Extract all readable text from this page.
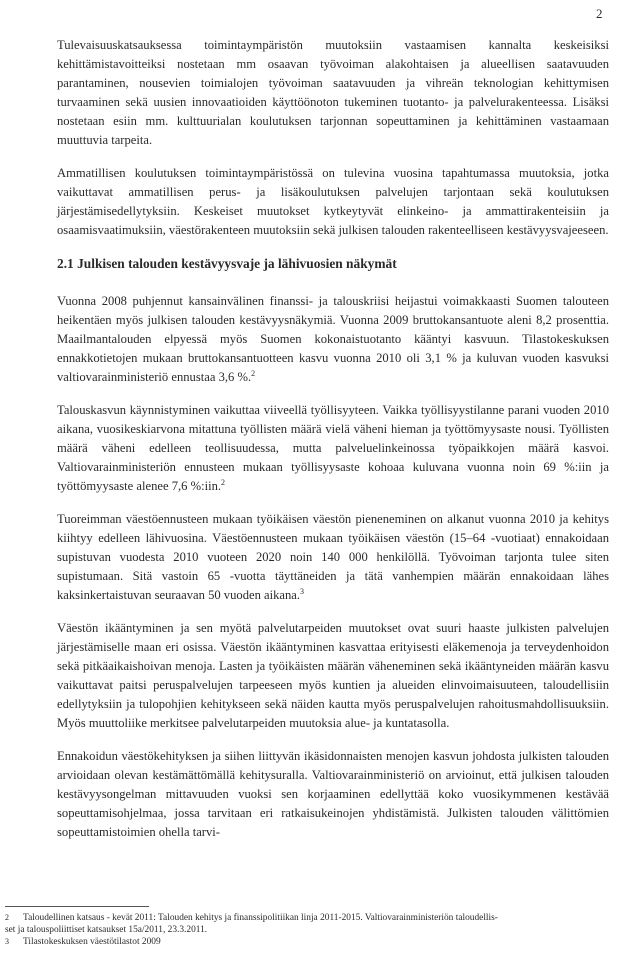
2

Tulevaisuuskatsauksessa toimintaympäristön muutoksiin vastaamisen kannalta keskeisiksi kehittämistavoitteiksi nostetaan mm osaavan työvoiman alakohtaisen ja alueellisen saatavuuden parantaminen, nousevien toimialojen työvoiman saatavuuden ja vihreän teknologian kehittymisen turvaaminen sekä uusien innovaatioiden käyttöönoton tukeminen tuotanto- ja palvelurakenteessa. Lisäksi nostetaan esiin mm. kulttuurialan koulutuksen tarjonnan sopeuttaminen ja kehittäminen vastaamaan muuttuvia tarpeita.

Ammatillisen koulutuksen toimintaympäristössä on tulevina vuosina tapahtumassa muutoksia, jotka vaikuttavat ammatillisen perus- ja lisäkoulutuksen palvelujen tarjontaan sekä koulutuksen järjestämisedellytyksiin. Keskeiset muutokset kytkeytyvät elinkeino- ja ammattirakenteisiin ja osaamisvaatimuksiin, väestörakenteen muutoksiin sekä julkisen talouden rakenteelliseen kestävyysvajeeseen.

2.1 Julkisen talouden kestävyysvaje ja lähivuosien näkymät

Vuonna 2008 puhjennut kansainvälinen finanssi- ja talouskriisi heijastui voimakkaasti Suomen talouteen heikentäen myös julkisen talouden kestävyysnäkymiä. Vuonna 2009 bruttokansantuote aleni 8,2 prosenttia. Maailmantalouden elpyessä myös Suomen kokonaistuotanto kääntyi kasvuun. Tilastokeskuksen ennakkotietojen mukaan bruttokansantuotteen kasvu vuonna 2010 oli 3,1 % ja kuluvan vuoden kasvuksi valtiovarainministeriö ennustaa 3,6 %.$^2$

Talouskasvun käynnistyminen vaikuttaa viiveellä työllisyyteen. Vaikka työllisyystilanne parani vuoden 2010 aikana, vuosikeskiarvona mitattuna työllisten määrä vielä väheni hieman ja työttömyysaste nousi. Työllisten määrä väheni edelleen teollisuudessa, mutta palveluelinkeinossa työpaikkojen määrä kasvoi. Valtiovarainministeriön ennusteen mukaan työllisyysaste kohoaa kuluvana vuonna noin 69 %:iin ja työttömyysaste alenee 7,6 %:iin.$^2$

Tuoreimman väestöennusteen mukaan työikäisen väestön pieneneminen on alkanut vuonna 2010 ja kehitys kiihtyy edelleen lähivuosina. Väestöennusteen mukaan työikäisen väestön (15–64 -vuotiaat) ennakoidaan supistuvan vuodesta 2010 vuoteen 2020 noin 140 000 henkilöllä. Työvoiman tarjonta tulee siten supistumaan. Sitä vastoin 65 -vuotta täyttäneiden ja tätä vanhempien määrän ennakoidaan lähes kaksinkertaistuvan seuraavan 50 vuoden aikana.$^3$

Väestön ikääntyminen ja sen myötä palvelutarpeiden muutokset ovat suuri haaste julkisten palvelujen järjestämiselle maan eri osissa. Väestön ikääntyminen kasvattaa erityisesti eläkemenoja ja terveydenhoidon sekä pitkäaikaishoivan menoja. Lasten ja työikäisten määrän väheneminen sekä ikääntyneiden määrän kasvu vaikuttavat paitsi peruspalvelujen tarpeeseen myös kuntien ja alueiden elinvoimaisuuteen, taloudellisiin edellytyksiin ja tulopohjien kehitykseen sekä näiden kautta myös peruspalvelujen rahoitusmahdollisuuksiin. Myös muuttoliike merkitsee palvelutarpeiden muutoksia alue- ja kuntatasolla.

Ennakoidun väestökehityksen ja siihen liittyvän ikäsidonnaisten menojen kasvun johdosta julkisten talouden arvioidaan olevan kestämättömällä kehitysuralla. Valtiovarainministeriö on arvioinut, että julkisen talouden kestävyysongelman mittavuuden vuoksi sen korjaaminen edellyttää koko vuosikymmenen kestävää sopeuttamisohjelmaa, jossa tarvitaan eri ratkaisukeinojen yhdistämistä. Julkisten talouden välittömien sopeuttamistoimien ohella tarvi-

2 Taloudellinen katsaus - kevät 2011: Talouden kehitys ja finanssipolitiikan linja 2011-2015. Valtiovarainministeriön taloudellis-

set ja talouspoliittiset katsaukset 15a/2011, 23.3.2011.

3 Tilastokeskuksen väestötilastot 2009
